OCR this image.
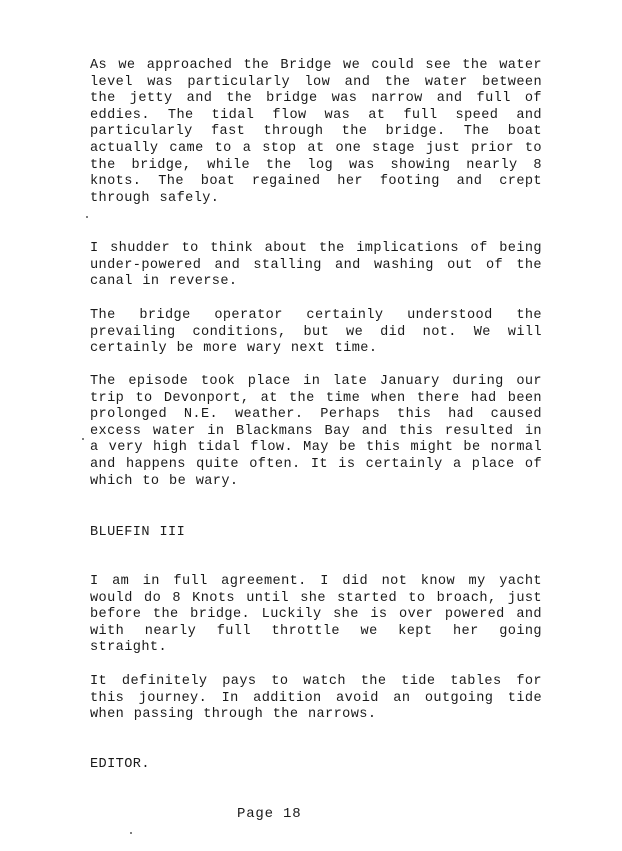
As we approached the Bridge we could see the water level was particularly low and the water between the jetty and the bridge was narrow and full of eddies. The tidal flow was at full speed and particularly fast through the bridge. The boat actually came to a stop at one stage just prior to the bridge, while the log was showing nearly 8 knots. The boat regained her footing and crept through safely.

I shudder to think about the implications of being under-powered and stalling and washing out of the canal in reverse.

The bridge operator certainly understood the prevailing conditions, but we did not. We will certainly be more wary next time.

The episode took place in late January during our trip to Devonport, at the time when there had been prolonged N.E. weather. Perhaps this had caused excess water in Blackmans Bay and this resulted in a very high tidal flow. May be this might be normal and happens quite often. It is certainly a place of which to be wary.

BLUEFIN III

I am in full agreement. I did not know my yacht would do 8 Knots until she started to broach, just before the bridge. Luckily she is over powered and with nearly full throttle we kept her going straight.

It definitely pays to watch the tide tables for this journey. In addition avoid an outgoing tide when passing through the narrows.

EDITOR.

Page 18
